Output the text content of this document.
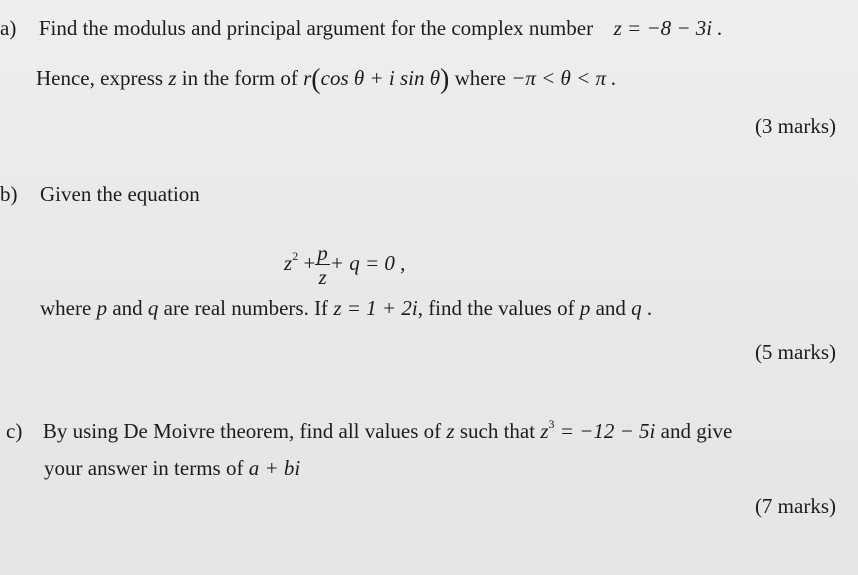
a) Find the modulus and principal argument for the complex number z = −8 − 3i .
Hence, express z in the form of r(cos θ + i sin θ) where −π < θ < π .
(3 marks)
b) Given the equation
$z^2 + \frac{p}{z} + q = 0$ ,
where p and q are real numbers. If z = 1 + 2i, find the values of p and q .
(5 marks)
c) By using De Moivre theorem, find all values of z such that $z^3 = -12 - 5i$ and give
your answer in terms of a + bi
(7 marks)
